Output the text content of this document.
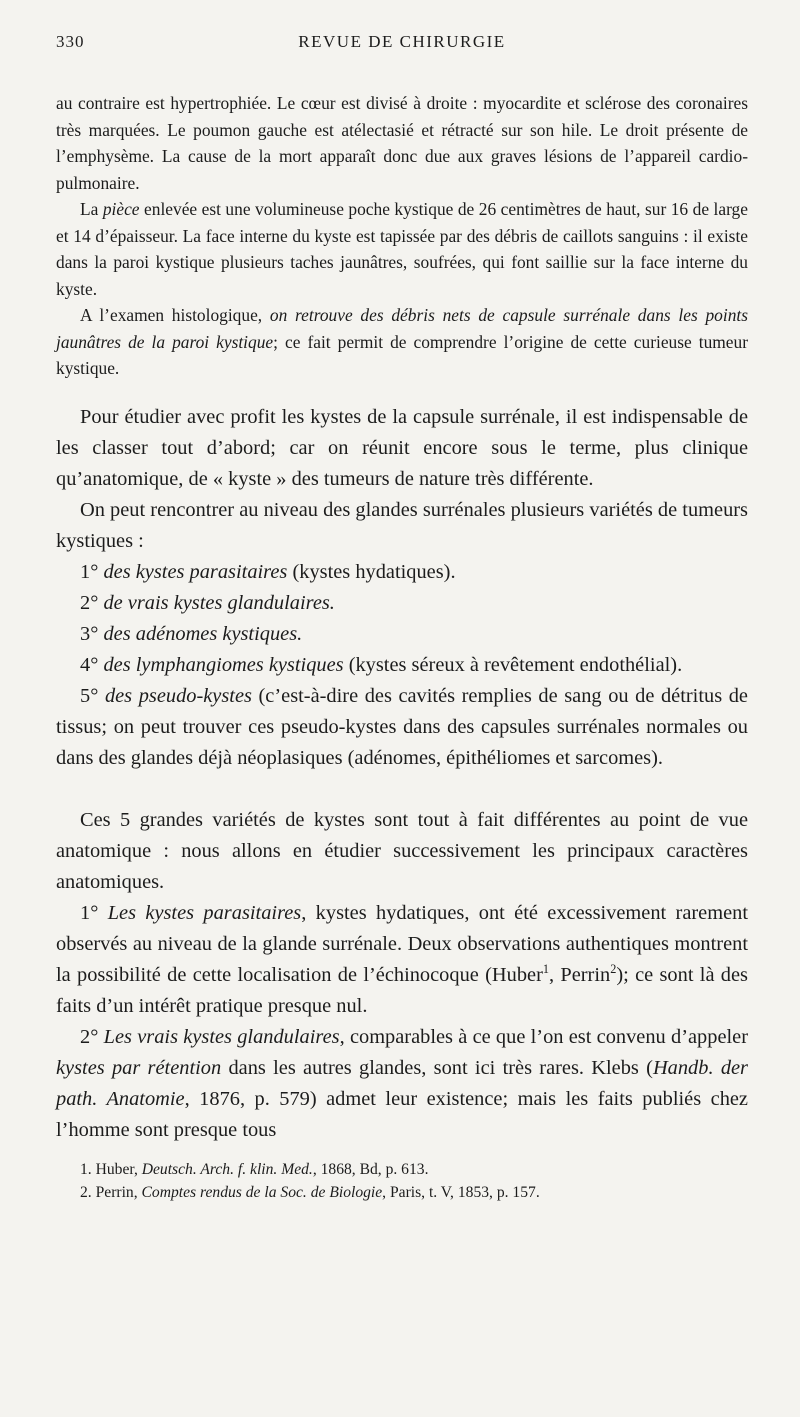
330	REVUE DE CHIRURGIE

au contraire est hypertrophiée. Le cœur est divisé à droite : myocardite et sclérose des coronaires très marquées. Le poumon gauche est atélectasié et rétracté sur son hile. Le droit présente de l’emphysème. La cause de la mort apparaît donc due aux graves lésions de l’appareil cardio-pulmonaire.

La pièce enlevée est une volumineuse poche kystique de 26 centimètres de haut, sur 16 de large et 14 d’épaisseur. La face interne du kyste est tapissée par des débris de caillots sanguins : il existe dans la paroi kystique plusieurs taches jaunâtres, soufrées, qui font saillie sur la face interne du kyste.

A l’examen histologique, on retrouve des débris nets de capsule surrénale dans les points jaunâtres de la paroi kystique; ce fait permit de comprendre l’origine de cette curieuse tumeur kystique.

Pour étudier avec profit les kystes de la capsule surrénale, il est indispensable de les classer tout d’abord; car on réunit encore sous le terme, plus clinique qu’anatomique, de « kyste » des tumeurs de nature très différente.

On peut rencontrer au niveau des glandes surrénales plusieurs variétés de tumeurs kystiques :

1° des kystes parasitaires (kystes hydatiques).

2° de vrais kystes glandulaires.

3° des adénomes kystiques.

4° des lymphangiomes kystiques (kystes séreux à revêtement endothélial).

5° des pseudo-kystes (c’est-à-dire des cavités remplies de sang ou de détritus de tissus; on peut trouver ces pseudo-kystes dans des capsules surrénales normales ou dans des glandes déjà néoplasiques (adénomes, épithéliomes et sarcomes).

Ces 5 grandes variétés de kystes sont tout à fait différentes au point de vue anatomique : nous allons en étudier successivement les principaux caractères anatomiques.

1° Les kystes parasitaires, kystes hydatiques, ont été excessivement rarement observés au niveau de la glande surrénale. Deux observations authentiques montrent la possibilité de cette localisation de l’échinocoque (Huber$^1$, Perrin$^2$); ce sont là des faits d’un intérêt pratique presque nul.

2° Les vrais kystes glandulaires, comparables à ce que l’on est convenu d’appeler kystes par rétention dans les autres glandes, sont ici très rares. Klebs (Handb. der path. Anatomie, 1876, p. 579) admet leur existence; mais les faits publiés chez l’homme sont presque tous

1. Huber, Deutsch. Arch. f. klin. Med., 1868, Bd, p. 613.

2. Perrin, Comptes rendus de la Soc. de Biologie, Paris, t. V, 1853, p. 157.
